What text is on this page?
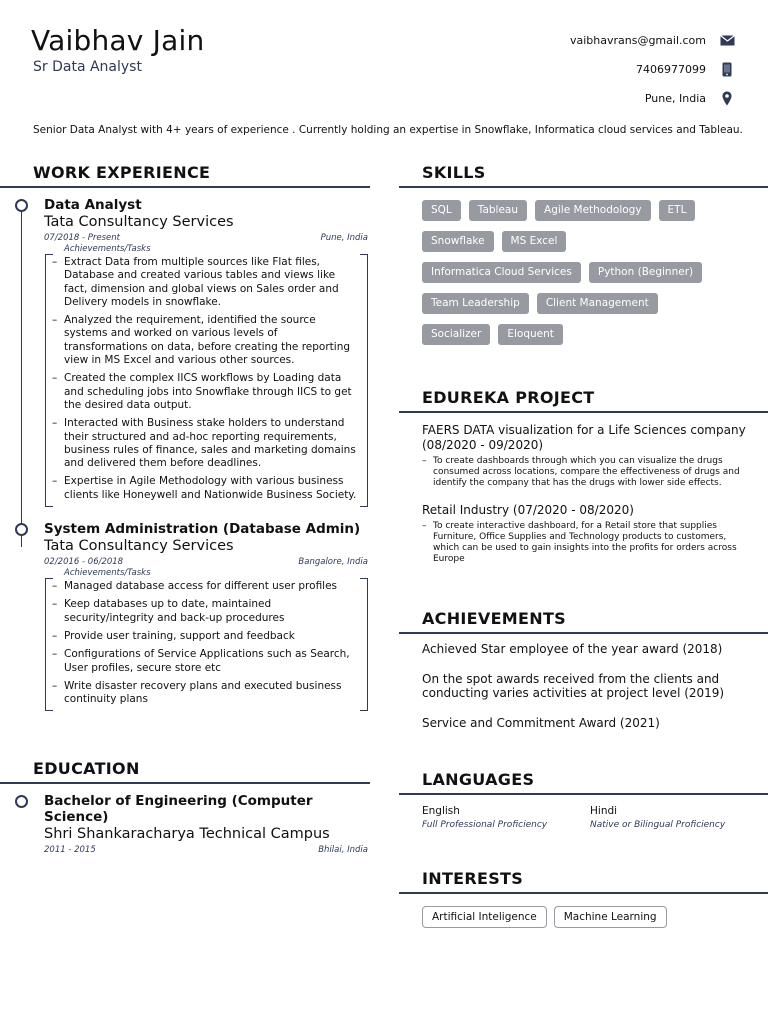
Vaibhav Jain
Sr Data Analyst
vaibhavrans@gmail.com
7406977099
Pune, India
Senior Data Analyst with 4+ years of experience . Currently holding an expertise in Snowflake, Informatica cloud services and Tableau.
WORK EXPERIENCE
Data Analyst
Tata Consultancy Services
07/2018 - Present	Pune, India
Achievements/Tasks
– Extract Data from multiple sources like Flat files, Database and created various tables and views like fact, dimension and global views on Sales order and Delivery models in snowflake.
– Analyzed the requirement, identified the source systems and worked on various levels of transformations on data, before creating the reporting view in MS Excel and various other sources.
– Created the complex IICS workflows by Loading data and scheduling jobs into Snowflake through IICS to get the desired data output.
– Interacted with Business stake holders to understand their structured and ad-hoc reporting requirements, business rules of finance, sales and marketing domains and delivered them before deadlines.
– Expertise in Agile Methodology with various business clients like Honeywell and Nationwide Business Society.
System Administration (Database Admin)
Tata Consultancy Services
02/2016 - 06/2018	Bangalore, India
Achievements/Tasks
– Managed database access for different user profiles
– Keep databases up to date, maintained security/integrity and back-up procedures
– Provide user training, support and feedback
– Configurations of Service Applications such as Search, User profiles, secure store etc
– Write disaster recovery plans and executed business continuity plans
EDUCATION
Bachelor of Engineering (Computer Science)
Shri Shankaracharya Technical Campus
2011 - 2015	Bhilai, India
SKILLS
SQL	Tableau	Agile Methodology	ETL
Snowflake	MS Excel
Informatica Cloud Services	Python (Beginner)
Team Leadership	Client Management
Socializer	Eloquent
EDUREKA PROJECT
FAERS DATA visualization for a Life Sciences company (08/2020 - 09/2020)
– To create dashboards through which you can visualize the drugs consumed across locations, compare the effectiveness of drugs and identify the company that has the drugs with lower side effects.
Retail Industry (07/2020 - 08/2020)
– To create interactive dashboard, for a Retail store that supplies Furniture, Office Supplies and Technology products to customers, which can be used to gain insights into the profits for orders across Europe
ACHIEVEMENTS
Achieved Star employee of the year award (2018)
On the spot awards received from the clients and conducting varies activities at project level (2019)
Service and Commitment Award (2021)
LANGUAGES
English
Full Professional Proficiency
Hindi
Native or Bilingual Proficiency
INTERESTS
Artificial Inteligence	Machine Learning
